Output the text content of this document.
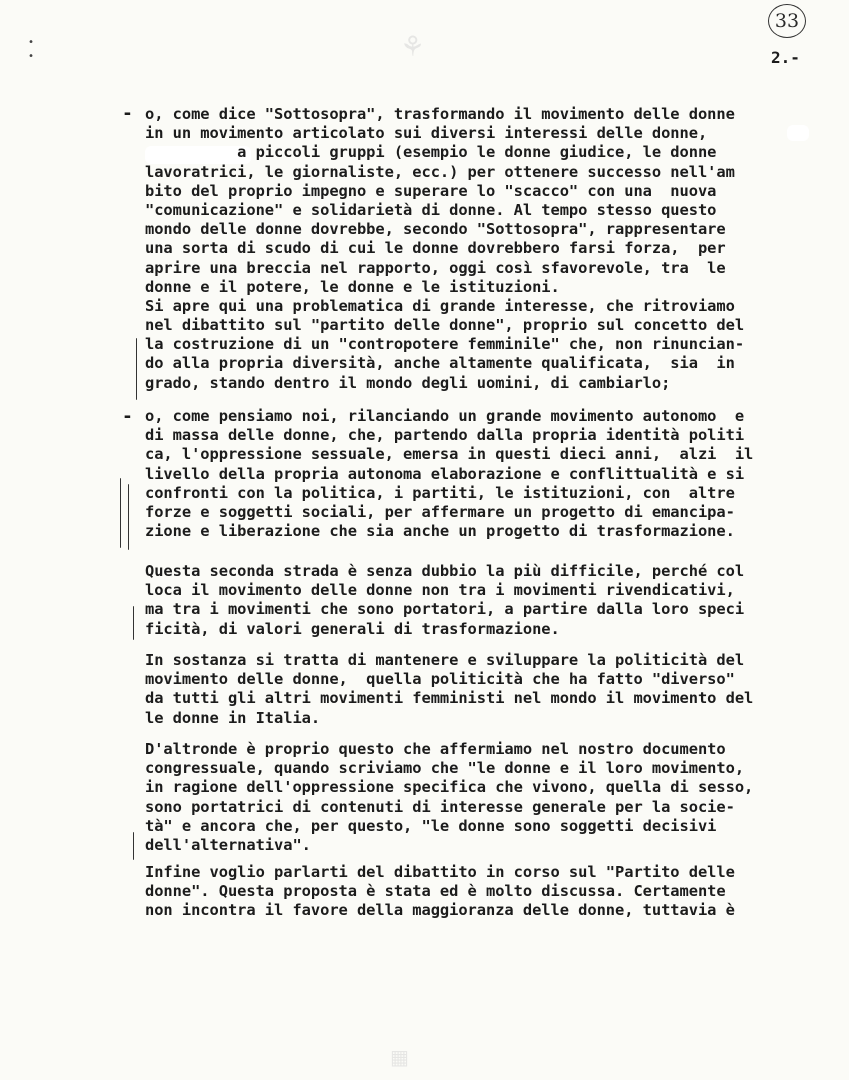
⚘
▦
•
•
33
2.-
-
-
o, come dice "Sottosopra", trasformando il movimento delle donne
in un movimento articolato sui diversi interessi delle donne,
a piccoli gruppi (esempio le donne giudice, le donne
lavoratrici, le giornaliste, ecc.) per ottenere successo nell'am
bito del proprio impegno e superare lo "scacco" con una  nuova
"comunicazione" e solidarietà di donne. Al tempo stesso questo
mondo delle donne dovrebbe, secondo "Sottosopra", rappresentare
una sorta di scudo di cui le donne dovrebbero farsi forza,  per
aprire una breccia nel rapporto, oggi così sfavorevole, tra  le
donne e il potere, le donne e le istituzioni.
Si apre qui una problematica di grande interesse, che ritroviamo
nel dibattito sul "partito delle donne", proprio sul concetto del
la costruzione di un "contropotere femminile" che, non rinuncian-
do alla propria diversità, anche altamente qualificata,  sia  in
grado, stando dentro il mondo degli uomini, di cambiarlo;
o, come pensiamo noi, rilanciando un grande movimento autonomo  e
di massa delle donne, che, partendo dalla propria identità politi
ca, l'oppressione sessuale, emersa in questi dieci anni,  alzi  il
livello della propria autonoma elaborazione e conflittualità e si
confronti con la politica, i partiti, le istituzioni, con  altre
forze e soggetti sociali, per affermare un progetto di emancipa-
zione e liberazione che sia anche un progetto di trasformazione.
Questa seconda strada è senza dubbio la più difficile, perché col
loca il movimento delle donne non tra i movimenti rivendicativi,
ma tra i movimenti che sono portatori, a partire dalla loro speci
ficità, di valori generali di trasformazione.
In sostanza si tratta di mantenere e sviluppare la politicità del
movimento delle donne,  quella politicità che ha fatto "diverso"
da tutti gli altri movimenti femministi nel mondo il movimento del
le donne in Italia.
D'altronde è proprio questo che affermiamo nel nostro documento
congressuale, quando scriviamo che "le donne e il loro movimento,
in ragione dell'oppressione specifica che vivono, quella di sesso,
sono portatrici di contenuti di interesse generale per la socie-
tà" e ancora che, per questo, "le donne sono soggetti decisivi
dell'alternativa".
Infine voglio parlarti del dibattito in corso sul "Partito delle
donne". Questa proposta è stata ed è molto discussa. Certamente
non incontra il favore della maggioranza delle donne, tuttavia è
